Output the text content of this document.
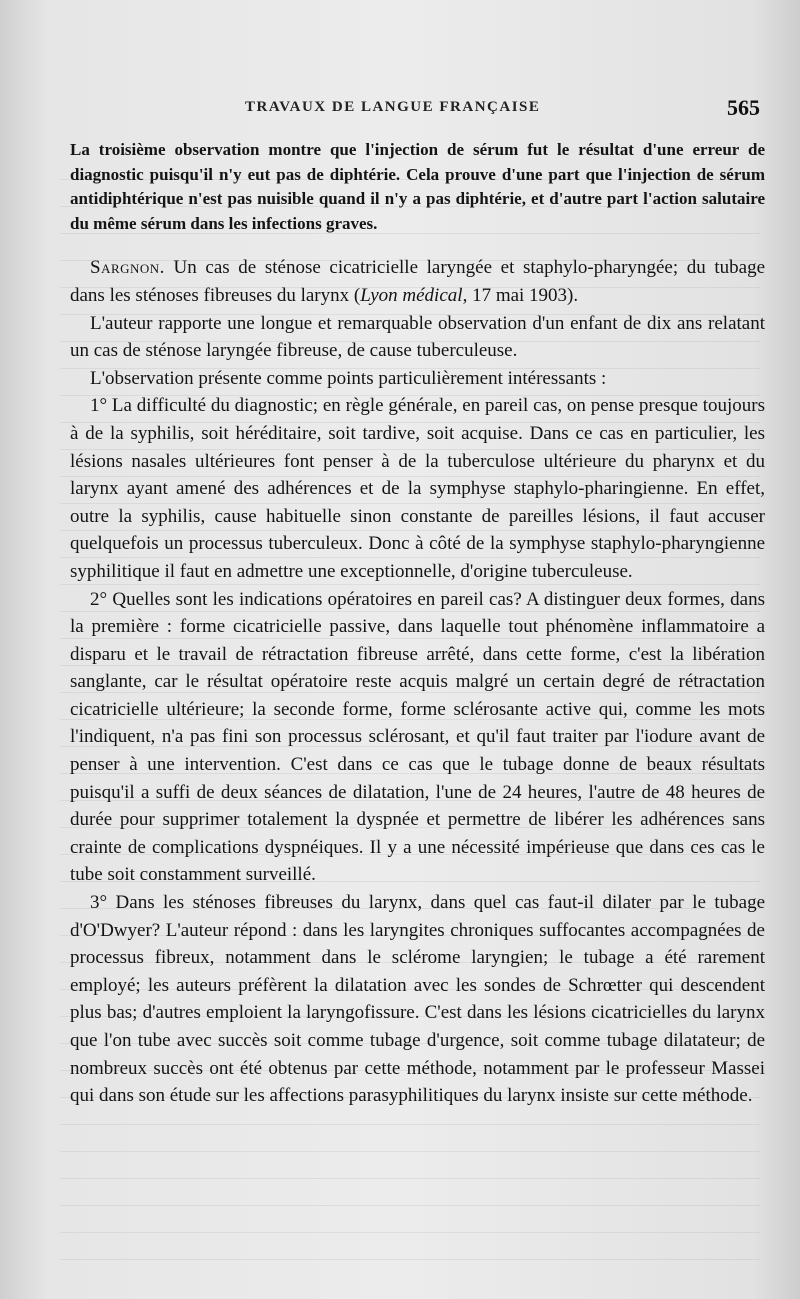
TRAVAUX DE LANGUE FRANÇAISE	565

La troisième observation montre que l'injection de sérum fut le résultat d'une erreur de diagnostic puisqu'il n'y eut pas de diphtérie. Cela prouve d'une part que l'injection de sérum antidiphtérique n'est pas nuisible quand il n'y a pas diphtérie, et d'autre part l'action salutaire du même sérum dans les infections graves.

Sargnon. Un cas de sténose cicatricielle laryngée et staphylo-pharyngée; du tubage dans les sténoses fibreuses du larynx (Lyon médical, 17 mai 1903).

L'auteur rapporte une longue et remarquable observation d'un enfant de dix ans relatant un cas de sténose laryngée fibreuse, de cause tuberculeuse.

L'observation présente comme points particulièrement intéressants :

1° La difficulté du diagnostic; en règle générale, en pareil cas, on pense presque toujours à de la syphilis, soit héréditaire, soit tardive, soit acquise. Dans ce cas en particulier, les lésions nasales ultérieures font penser à de la tuberculose ultérieure du pharynx et du larynx ayant amené des adhérences et de la symphyse staphylo-pharingienne. En effet, outre la syphilis, cause habituelle sinon constante de pareilles lésions, il faut accuser quelquefois un processus tuberculeux. Donc à côté de la symphyse staphylo-pharyngienne syphilitique il faut en admettre une exceptionnelle, d'origine tuberculeuse.

2° Quelles sont les indications opératoires en pareil cas? A distinguer deux formes, dans la première : forme cicatricielle passive, dans laquelle tout phénomène inflammatoire a disparu et le travail de rétractation fibreuse arrêté, dans cette forme, c'est la libération sanglante, car le résultat opératoire reste acquis malgré un certain degré de rétractation cicatricielle ultérieure; la seconde forme, forme sclérosante active qui, comme les mots l'indiquent, n'a pas fini son processus sclérosant, et qu'il faut traiter par l'iodure avant de penser à une intervention. C'est dans ce cas que le tubage donne de beaux résultats puisqu'il a suffi de deux séances de dilatation, l'une de 24 heures, l'autre de 48 heures de durée pour supprimer totalement la dyspnée et permettre de libérer les adhérences sans crainte de complications dyspnéiques. Il y a une nécessité impérieuse que dans ces cas le tube soit constamment surveillé.

3° Dans les sténoses fibreuses du larynx, dans quel cas faut-il dilater par le tubage d'O'Dwyer? L'auteur répond : dans les laryngites chroniques suffocantes accompagnées de processus fibreux, notamment dans le sclérome laryngien; le tubage a été rarement employé; les auteurs préfèrent la dilatation avec les sondes de Schrœtter qui descendent plus bas; d'autres emploient la laryngofissure. C'est dans les lésions cicatricielles du larynx que l'on tube avec succès soit comme tubage d'urgence, soit comme tubage dilatateur; de nombreux succès ont été obtenus par cette méthode, notamment par le professeur Massei qui dans son étude sur les affections parasyphilitiques du larynx insiste sur cette méthode.
